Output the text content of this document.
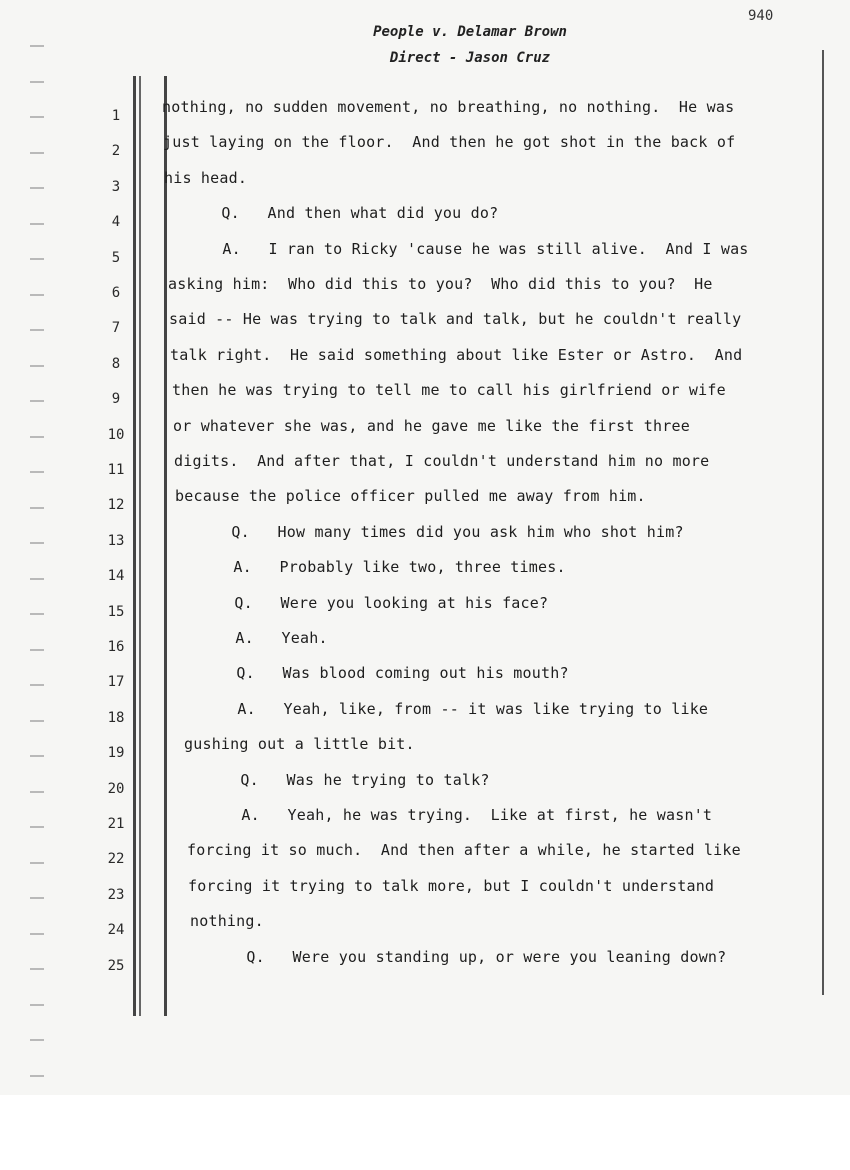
940
People v. Delamar Brown
Direct - Jason Cruz
1	nothing, no sudden movement, no breathing, no nothing.  He was
2	just laying on the floor.  And then he got shot in the back of
3	his head.
4	Q.   And then what did you do?
5	A.   I ran to Ricky 'cause he was still alive.  And I was
6	asking him:  Who did this to you?  Who did this to you?  He
7	said -- He was trying to talk and talk, but he couldn't really
8	talk right.  He said something about like Ester or Astro.  And
9	then he was trying to tell me to call his girlfriend or wife
10	or whatever she was, and he gave me like the first three
11	digits.  And after that, I couldn't understand him no more
12	because the police officer pulled me away from him.
13	Q.   How many times did you ask him who shot him?
14	A.   Probably like two, three times.
15	Q.   Were you looking at his face?
16	A.   Yeah.
17	Q.   Was blood coming out his mouth?
18	A.   Yeah, like, from -- it was like trying to like
19	gushing out a little bit.
20	Q.   Was he trying to talk?
21	A.   Yeah, he was trying.  Like at first, he wasn't
22	forcing it so much.  And then after a while, he started like
23	forcing it trying to talk more, but I couldn't understand
24	nothing.
25	Q.   Were you standing up, or were you leaning down?
